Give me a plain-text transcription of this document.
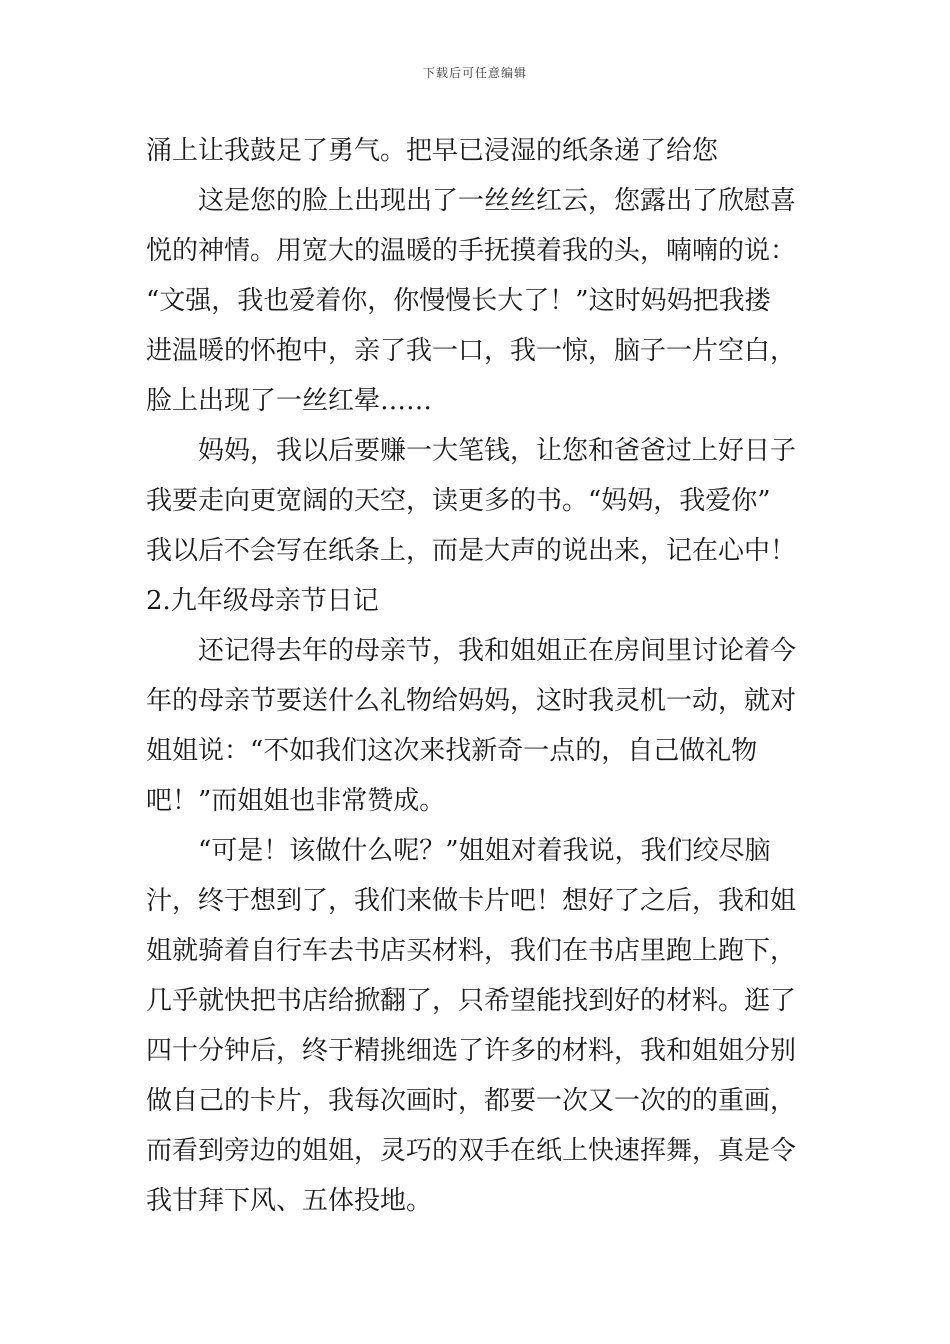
下载后可任意编辑
涌上让我鼓足了勇气。把早已浸湿的纸条递了给您
这是您的脸上出现出了一丝丝红云，您露出了欣慰喜
悦的神情。用宽大的温暖的手抚摸着我的头，喃喃的说：
“文强，我也爱着你，你慢慢长大了！”这时妈妈把我搂
进温暖的怀抱中，亲了我一口，我一惊，脑子一片空白，
脸上出现了一丝红晕……
妈妈，我以后要赚一大笔钱，让您和爸爸过上好日子
我要走向更宽阔的天空，读更多的书。“妈妈，我爱你”
我以后不会写在纸条上，而是大声的说出来，记在心中！
2.九年级母亲节日记
还记得去年的母亲节，我和姐姐正在房间里讨论着今
年的母亲节要送什么礼物给妈妈，这时我灵机一动，就对
姐姐说：“不如我们这次来找新奇一点的，自己做礼物
吧！”而姐姐也非常赞成。
“可是！该做什么呢？”姐姐对着我说，我们绞尽脑
汁，终于想到了，我们来做卡片吧！想好了之后，我和姐
姐就骑着自行车去书店买材料，我们在书店里跑上跑下，
几乎就快把书店给掀翻了，只希望能找到好的材料。逛了
四十分钟后，终于精挑细选了许多的材料，我和姐姐分别
做自己的卡片，我每次画时，都要一次又一次的的重画，
而看到旁边的姐姐，灵巧的双手在纸上快速挥舞，真是令
我甘拜下风、五体投地。
